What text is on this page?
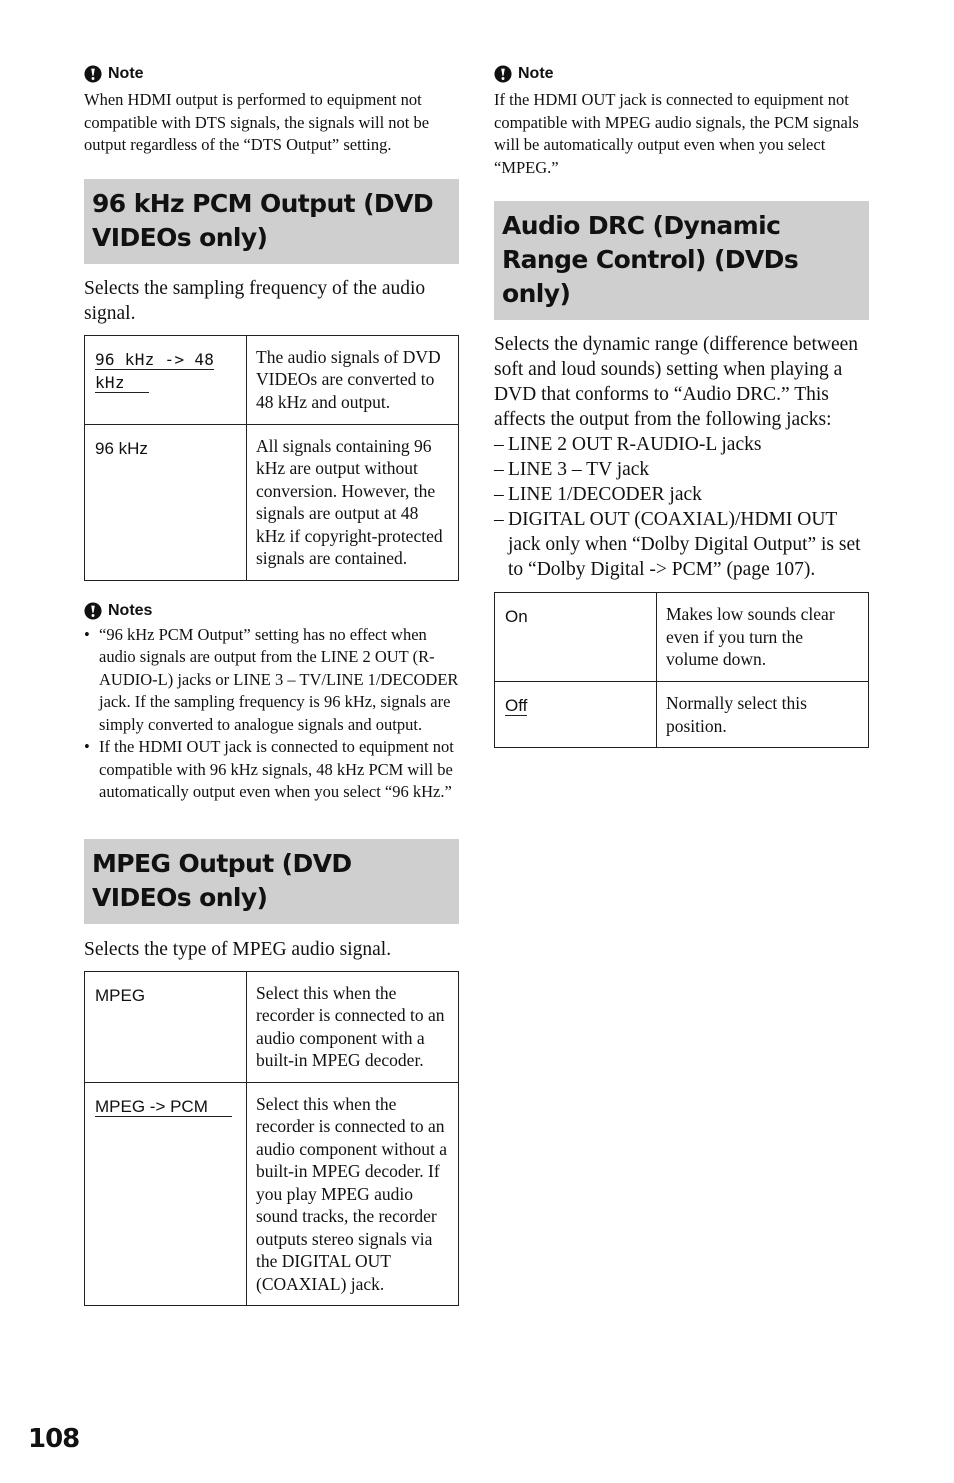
Note

When HDMI output is performed to equipment not compatible with DTS signals, the signals will not be output regardless of the “DTS Output” setting.

96 kHz PCM Output (DVD VIDEOs only)

Selects the sampling frequency of the audio signal.

96 kHz -> 48 kHz	The audio signals of DVD VIDEOs are converted to 48 kHz and output.
96 kHz	All signals containing 96 kHz are output without conversion. However, the signals are output at 48 kHz if copyright-protected signals are contained.
Notes
• “96 kHz PCM Output” setting has no effect when audio signals are output from the LINE 2 OUT (R-AUDIO-L) jacks or LINE 3 – TV/LINE 1/DECODER jack. If the sampling frequency is 96 kHz, signals are simply converted to analogue signals and output.
• If the HDMI OUT jack is connected to equipment not compatible with 96 kHz signals, 48 kHz PCM will be automatically output even when you select “96 kHz.”
MPEG Output (DVD VIDEOs only)

Selects the type of MPEG audio signal.

MPEG	Select this when the recorder is connected to an audio component with a built-in MPEG decoder.
MPEG -> PCM	Select this when the recorder is connected to an audio component without a built-in MPEG decoder. If you play MPEG audio sound tracks, the recorder outputs stereo signals via the DIGITAL OUT (COAXIAL) jack.
Note

If the HDMI OUT jack is connected to equipment not compatible with MPEG audio signals, the PCM signals will be automatically output even when you select “MPEG.”

Audio DRC (Dynamic Range Control) (DVDs only)

Selects the dynamic range (difference between soft and loud sounds) setting when playing a DVD that conforms to “Audio DRC.” This affects the output from the following jacks:

– LINE 2 OUT R-AUDIO-L jacks
– LINE 3 – TV jack
– LINE 1/DECODER jack
– DIGITAL OUT (COAXIAL)/HDMI OUT jack only when “Dolby Digital Output” is set to “Dolby Digital -> PCM” (page 107).
On	Makes low sounds clear even if you turn the volume down.
Off	Normally select this position.
108
